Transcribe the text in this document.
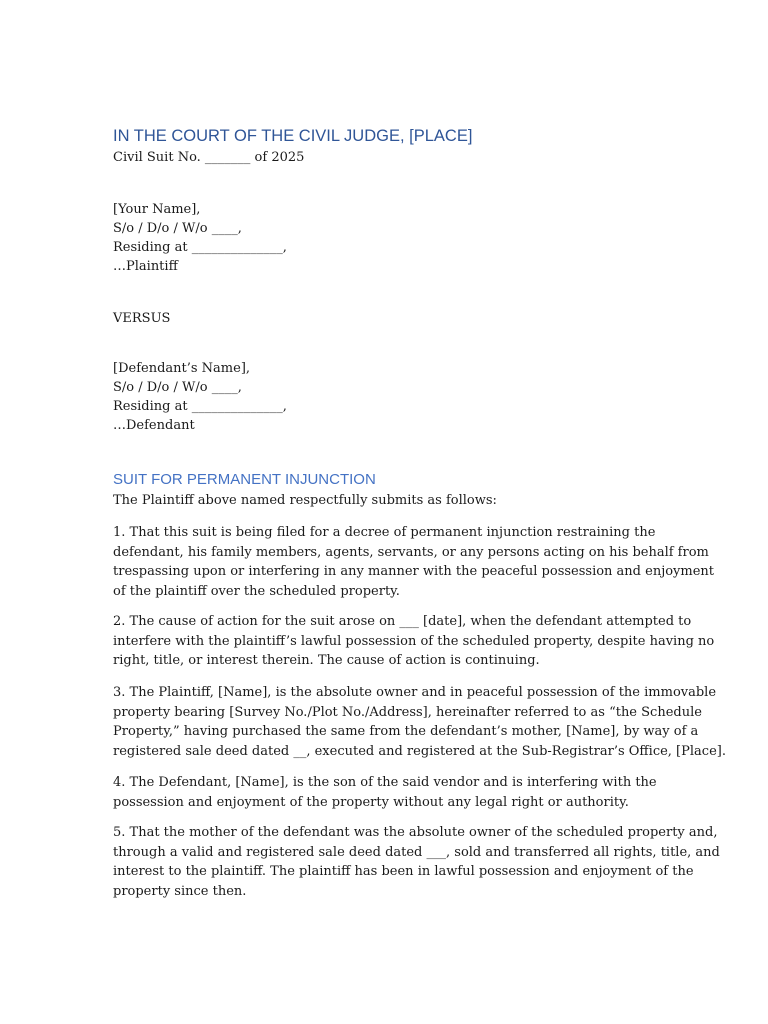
IN THE COURT OF THE CIVIL JUDGE, [PLACE]

Civil Suit No. _______ of 2025

[Your Name],

S/o / D/o / W/o ____,

Residing at ______________,

…Plaintiff

VERSUS

[Defendant’s Name],

S/o / D/o / W/o ____,

Residing at ______________,

…Defendant

SUIT FOR PERMANENT INJUNCTION

The Plaintiff above named respectfully submits as follows:

1. That this suit is being filed for a decree of permanent injunction restraining the
defendant, his family members, agents, servants, or any persons acting on his behalf from
trespassing upon or interfering in any manner with the peaceful possession and enjoyment
of the plaintiff over the scheduled property.
2. The cause of action for the suit arose on ___ [date], when the defendant attempted to
interfere with the plaintiff’s lawful possession of the scheduled property, despite having no
right, title, or interest therein. The cause of action is continuing.
3. The Plaintiff, [Name], is the absolute owner and in peaceful possession of the immovable
property bearing [Survey No./Plot No./Address], hereinafter referred to as “the Schedule
Property,” having purchased the same from the defendant’s mother, [Name], by way of a
registered sale deed dated __, executed and registered at the Sub-Registrar’s Office, [Place].
4. The Defendant, [Name], is the son of the said vendor and is interfering with the
possession and enjoyment of the property without any legal right or authority.
5. That the mother of the defendant was the absolute owner of the scheduled property and,
through a valid and registered sale deed dated ___, sold and transferred all rights, title, and
interest to the plaintiff. The plaintiff has been in lawful possession and enjoyment of the
property since then.
